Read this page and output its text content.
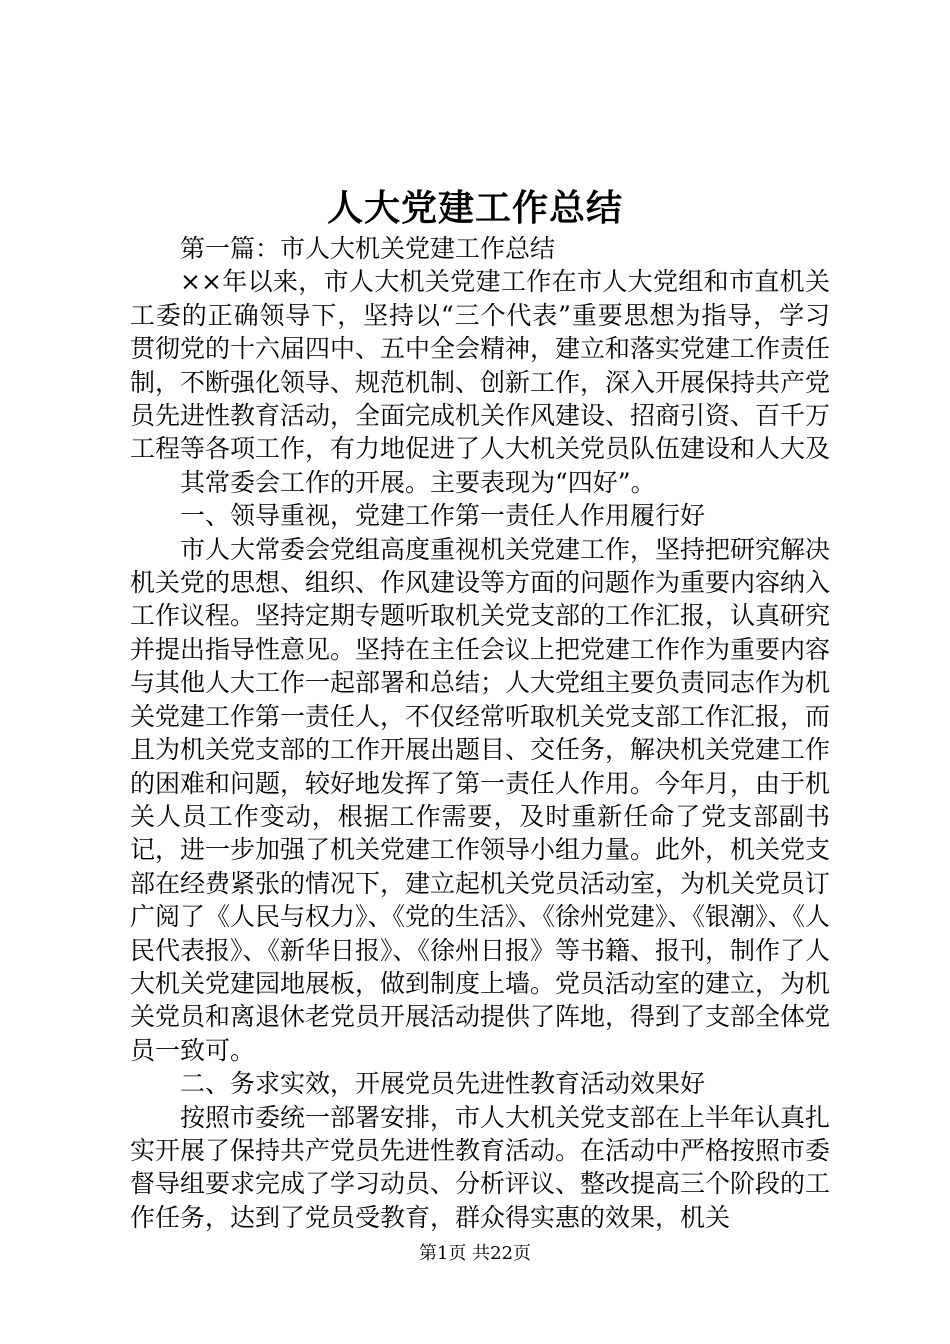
人大党建工作总结

第一篇：市人大机关党建工作总结

××年以来，市人大机关党建工作在市人大党组和市直机关工委的正确领导下，坚持以“三个代表”重要思想为指导，学习贯彻党的十六届四中、五中全会精神，建立和落实党建工作责任制，不断强化领导、规范机制、创新工作，深入开展保持共产党员先进性教育活动，全面完成机关作风建设、招商引资、百千万工程等各项工作，有力地促进了人大机关党员队伍建设和人大及

其常委会工作的开展。主要表现为“四好”。

一、领导重视，党建工作第一责任人作用履行好

市人大常委会党组高度重视机关党建工作，坚持把研究解决机关党的思想、组织、作风建设等方面的问题作为重要内容纳入工作议程。坚持定期专题听取机关党支部的工作汇报，认真研究并提出指导性意见。坚持在主任会议上把党建工作作为重要内容与其他人大工作一起部署和总结；人大党组主要负责同志作为机关党建工作第一责任人，不仅经常听取机关党支部工作汇报，而且为机关党支部的工作开展出题目、交任务，解决机关党建工作的困难和问题，较好地发挥了第一责任人作用。今年月，由于机关人员工作变动，根据工作需要，及时重新任命了党支部副书记，进一步加强了机关党建工作领导小组力量。此外，机关党支部在经费紧张的情况下，建立起机关党员活动室，为机关党员订广阅了《人民与权力》、《党的生活》、《徐州党建》、《银潮》、《人民代表报》、《新华日报》、《徐州日报》等书籍、报刊，制作了人大机关党建园地展板，做到制度上墙。党员活动室的建立，为机关党员和离退休老党员开展活动提供了阵地，得到了支部全体党员一致可。

二、务求实效，开展党员先进性教育活动效果好

按照市委统一部署安排，市人大机关党支部在上半年认真扎实开展了保持共产党员先进性教育活动。在活动中严格按照市委督导组要求完成了学习动员、分析评议、整改提高三个阶段的工作任务，达到了党员受教育，群众得实惠的效果，机关

第1页 共22页
